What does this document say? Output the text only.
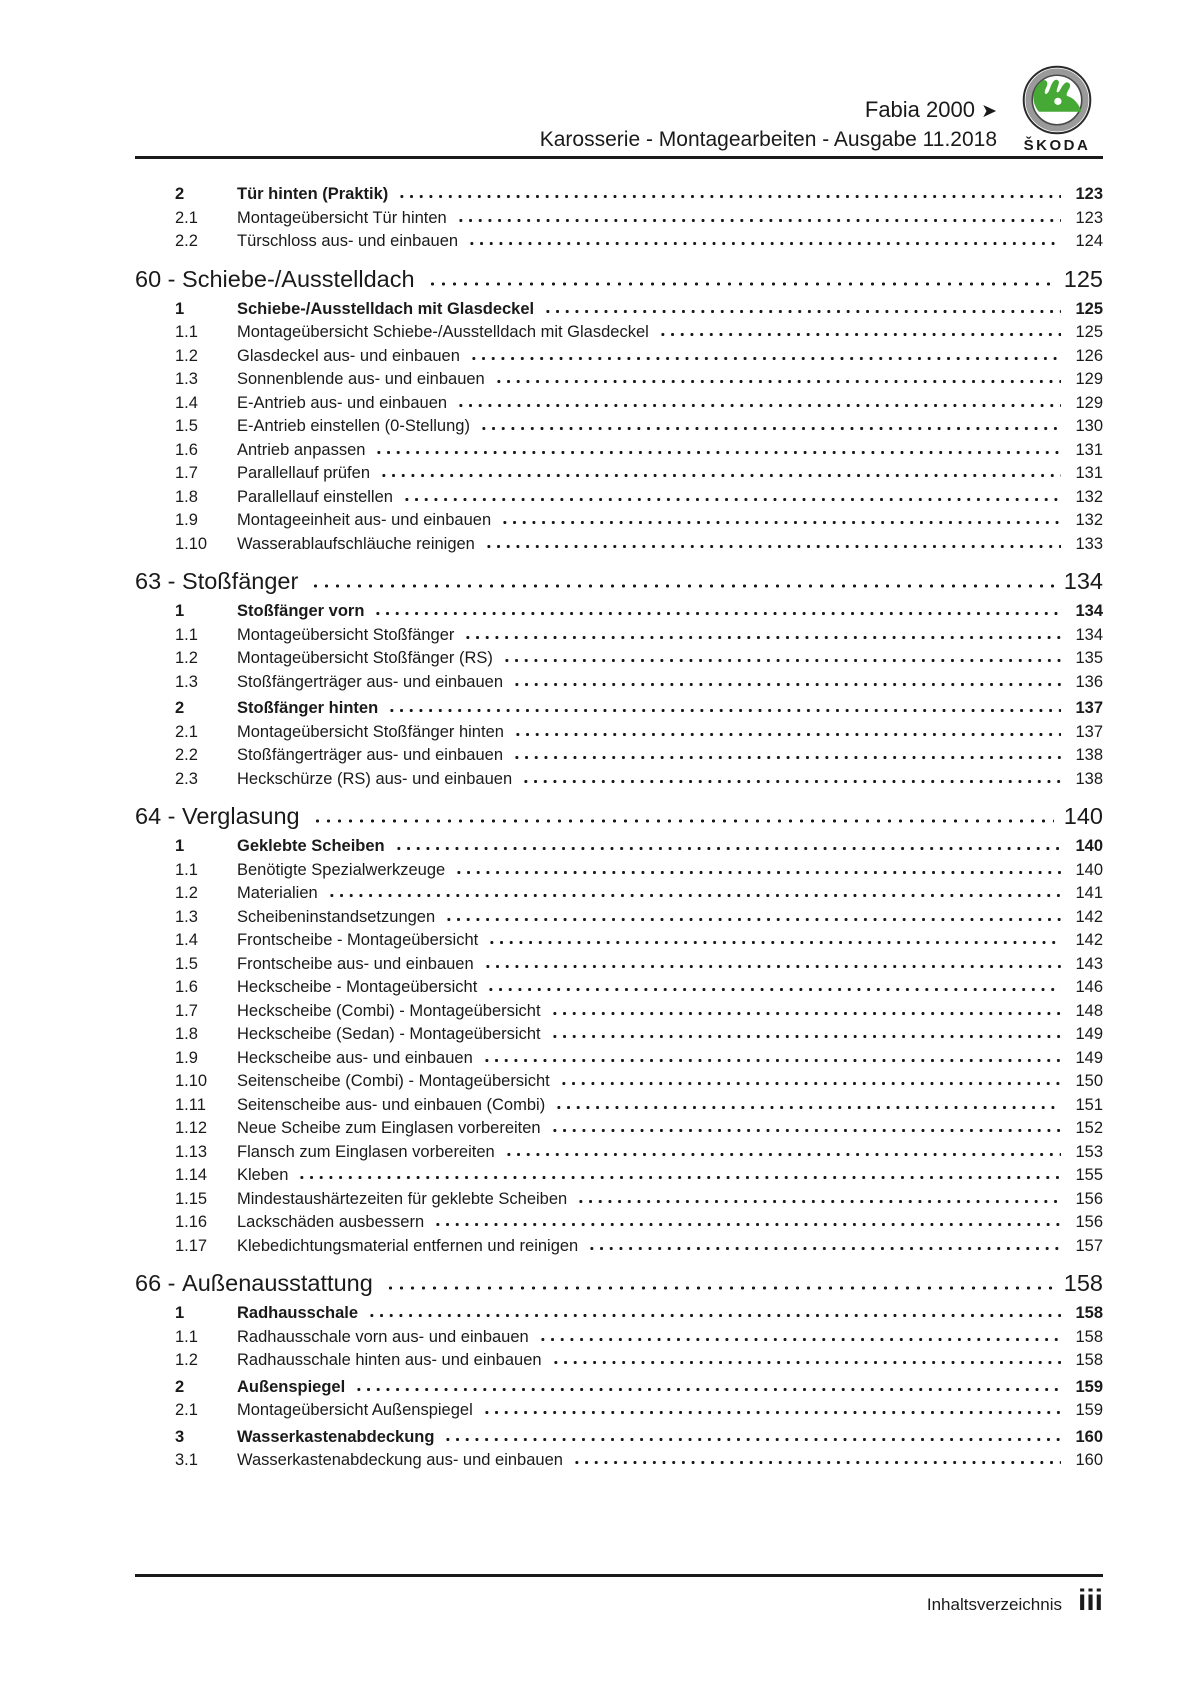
Fabia 2000 ➤
Karosserie - Montagearbeiten - Ausgabe 11.2018 ŠKODA
2	Tür hinten (Praktik)	123
2.1	Montageübersicht Tür hinten	123
2.2	Türschloss aus- und einbauen	124
60 - Schiebe-/Ausstelldach	125
1	Schiebe-/Ausstelldach mit Glasdeckel	125
1.1	Montageübersicht Schiebe-/Ausstelldach mit Glasdeckel	125
1.2	Glasdeckel aus- und einbauen	126
1.3	Sonnenblende aus- und einbauen	129
1.4	E-Antrieb aus- und einbauen	129
1.5	E-Antrieb einstellen (0-Stellung)	130
1.6	Antrieb anpassen	131
1.7	Parallellauf prüfen	131
1.8	Parallellauf einstellen	132
1.9	Montageeinheit aus- und einbauen	132
1.10	Wasserablaufschläuche reinigen	133
63 - Stoßfänger	134
1	Stoßfänger vorn	134
1.1	Montageübersicht Stoßfänger	134
1.2	Montageübersicht Stoßfänger (RS)	135
1.3	Stoßfängerträger aus- und einbauen	136
2	Stoßfänger hinten	137
2.1	Montageübersicht Stoßfänger hinten	137
2.2	Stoßfängerträger aus- und einbauen	138
2.3	Heckschürze (RS) aus- und einbauen	138
64 - Verglasung	140
1	Geklebte Scheiben	140
1.1	Benötigte Spezialwerkzeuge	140
1.2	Materialien	141
1.3	Scheibeninstandsetzungen	142
1.4	Frontscheibe - Montageübersicht	142
1.5	Frontscheibe aus- und einbauen	143
1.6	Heckscheibe - Montageübersicht	146
1.7	Heckscheibe (Combi) - Montageübersicht	148
1.8	Heckscheibe (Sedan) - Montageübersicht	149
1.9	Heckscheibe aus- und einbauen	149
1.10	Seitenscheibe (Combi) - Montageübersicht	150
1.11	Seitenscheibe aus- und einbauen (Combi)	151
1.12	Neue Scheibe zum Einglasen vorbereiten	152
1.13	Flansch zum Einglasen vorbereiten	153
1.14	Kleben	155
1.15	Mindestaushärtezeiten für geklebte Scheiben	156
1.16	Lackschäden ausbessern	156
1.17	Klebedichtungsmaterial entfernen und reinigen	157
66 - Außenausstattung	158
1	Radhausschale	158
1.1	Radhausschale vorn aus- und einbauen	158
1.2	Radhausschale hinten aus- und einbauen	158
2	Außenspiegel	159
2.1	Montageübersicht Außenspiegel	159
3	Wasserkastenabdeckung	160
3.1	Wasserkastenabdeckung aus- und einbauen	160
Inhaltsverzeichnis iii
